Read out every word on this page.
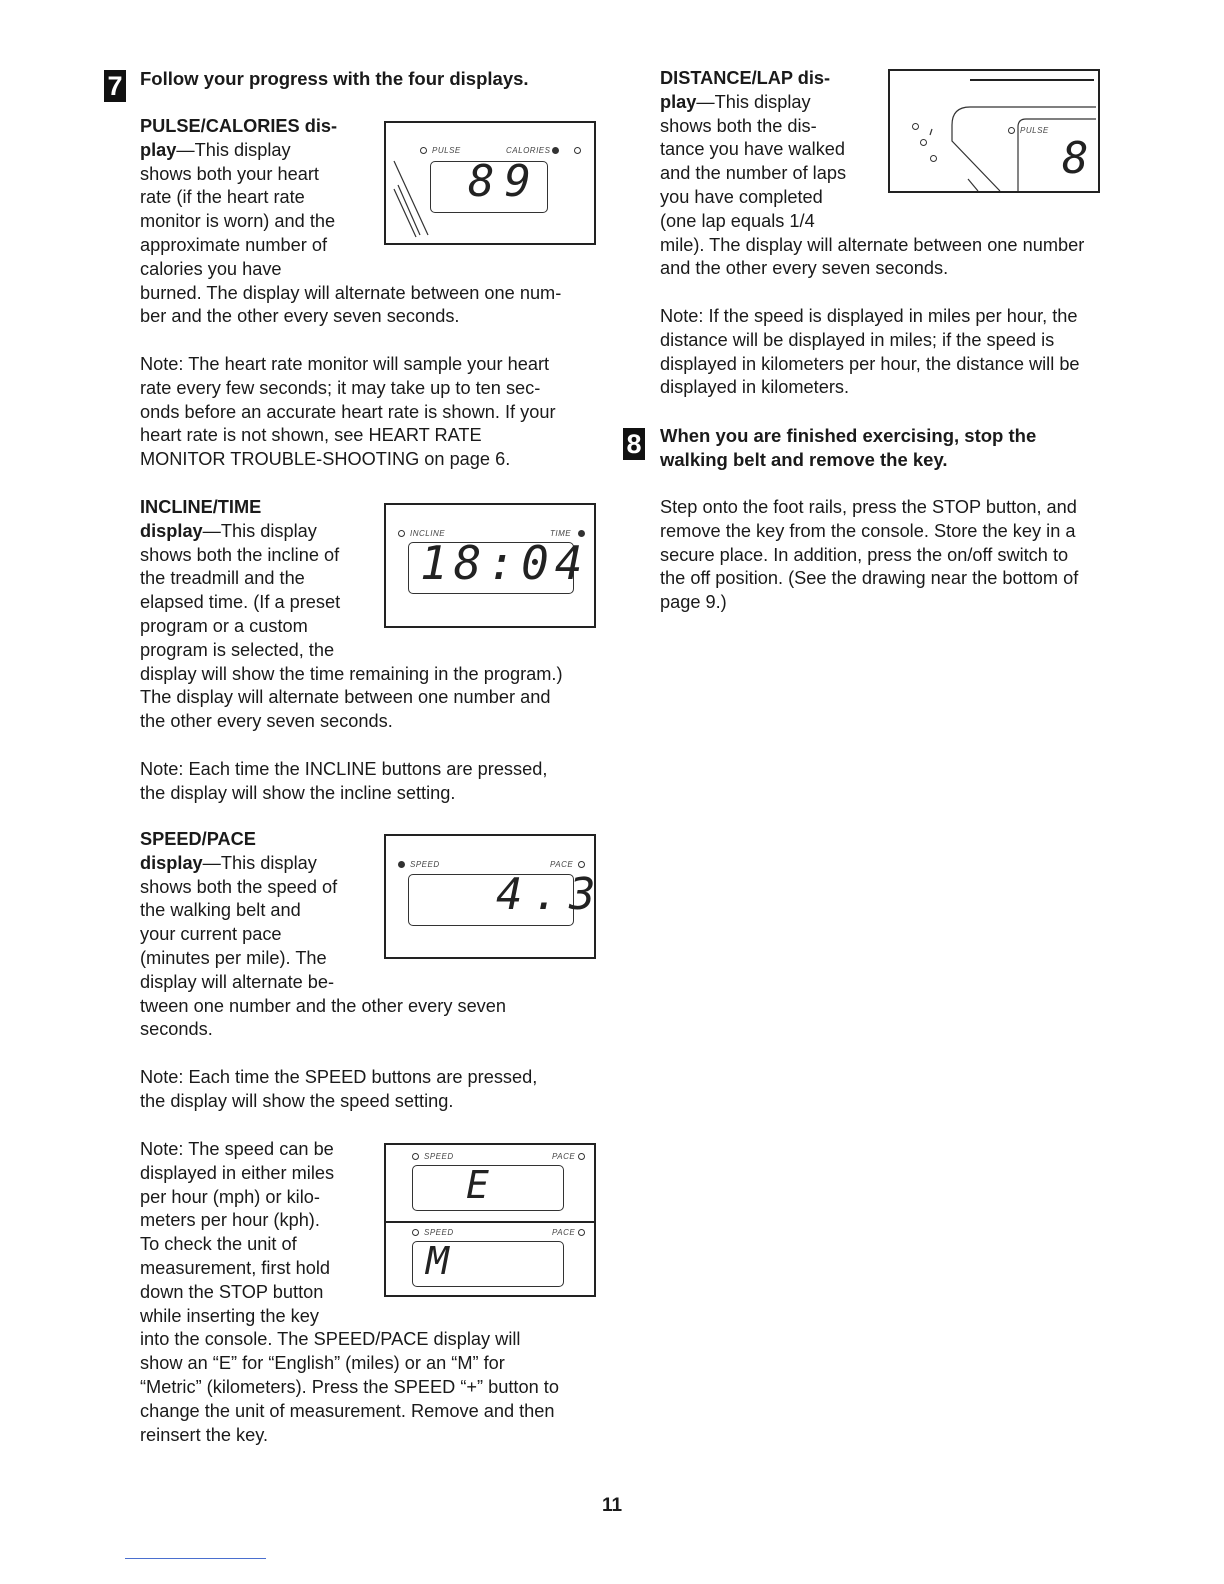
7 Follow your progress with the four displays.

PULSE/CALORIES dis-

play—This display

shows both your heart

rate (if the heart rate

monitor is worn) and the

approximate number of

calories you have

burned. The display will alternate between one num-

ber and the other every seven seconds.

Note: The heart rate monitor will sample your heart

rate every few seconds; it may take up to ten sec-

onds before an accurate heart rate is shown. If your

heart rate is not shown, see HEART RATE

MONITOR TROUBLE-SHOOTING on page 6.

PULSE	CALORIES
89

INCLINE/TIME

display—This display

shows both the incline of

the treadmill and the

elapsed time. (If a preset

program or a custom

program is selected, the

display will show the time remaining in the program.)

The display will alternate between one number and

the other every seven seconds.

Note: Each time the INCLINE buttons are pressed,

the display will show the incline setting.

INCLINE	TIME
18:04

SPEED/PACE

display—This display

shows both the speed of

the walking belt and

your current pace

(minutes per mile). The

display will alternate be-

tween one number and the other every seven

seconds.

Note: Each time the SPEED buttons are pressed,

the display will show the speed setting.

SPEED	PACE
4.3

Note: The speed can be

displayed in either miles

per hour (mph) or kilo-

meters per hour (kph).

To check the unit of

measurement, first hold

down the STOP button

while inserting the key

into the console. The SPEED/PACE display will

show an “E” for “English” (miles) or an “M” for

“Metric” (kilometers). Press the SPEED “+” button to

change the unit of measurement. Remove and then

reinsert the key.

SPEED	PACE
E
SPEED	PACE
M

DISTANCE/LAP dis-

play—This display

shows both the dis-

tance you have walked

and the number of laps

you have completed

(one lap equals 1/4

mile). The display will alternate between one number

and the other every seven seconds.

Note: If the speed is displayed in miles per hour, the

distance will be displayed in miles; if the speed is

displayed in kilometers per hour, the distance will be

displayed in kilometers.

PULSE
8
8 When you are finished exercising, stop the
walking belt and remove the key.

Step onto the foot rails, press the STOP button, and

remove the key from the console. Store the key in a

secure place. In addition, press the on/off switch to

the off position. (See the drawing near the bottom of

page 9.)

11
